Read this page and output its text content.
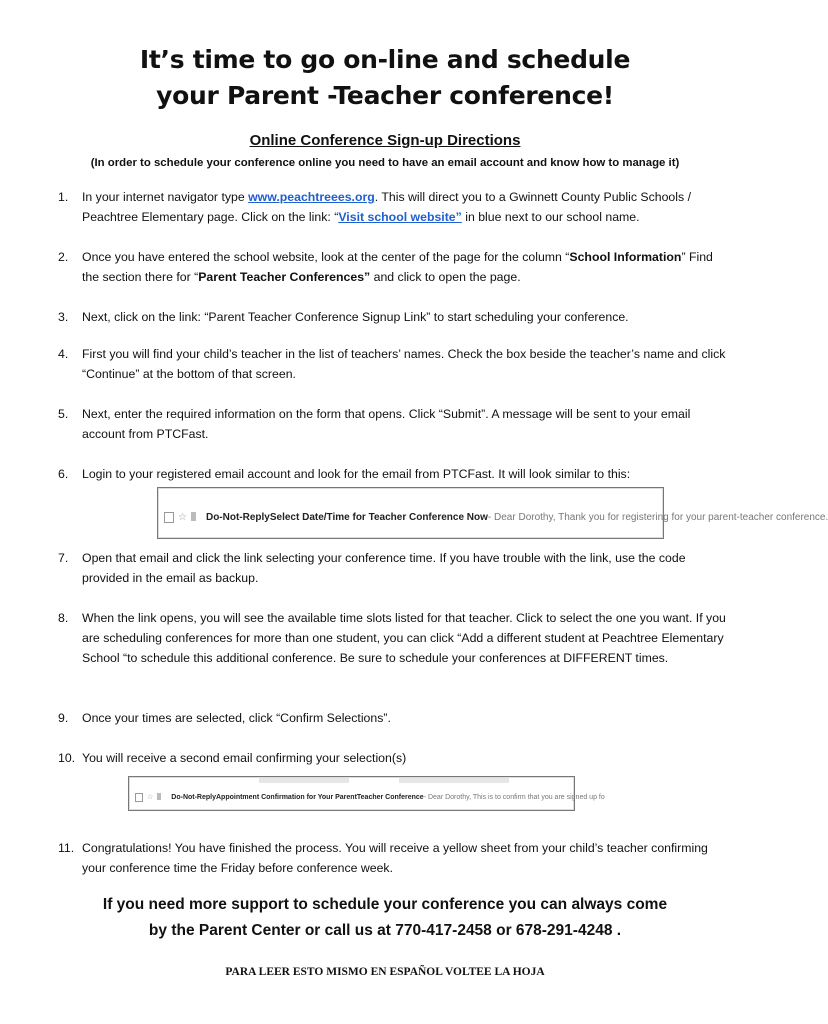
It’s time to go on-line and schedule
your Parent -Teacher conference!
Online Conference Sign-up Directions
(In order to schedule your conference online you need to have an email account and know how to manage it)
1.	In your internet navigator type www.peachtreees.org. This will direct you to a Gwinnett County Public Schools / Peachtree Elementary page. Click on the link: “Visit school website” in blue next to our school name.
2.	Once you have entered the school website, look at the center of the page for the column “School Information” Find the section there for “Parent Teacher Conferences” and click to open the page.
3.	Next, click on the link: “Parent Teacher Conference Signup Link” to start scheduling your conference.
4.	First you will find your child’s teacher in the list of teachers’ names. Check the box beside the teacher’s name and click “Continue” at the bottom of that screen.
5.	Next, enter the required information on the form that opens. Click “Submit”. A message will be sent to your email account from PTCFast.
6.	Login to your registered email account and look for the email from PTCFast. It will look similar to this:
☆ Do-Not-Reply Select Date/Time for Teacher Conference Now - Dear Dorothy, Thank you for registering for your parent-teacher conference.
7.	Open that email and click the link selecting your conference time. If you have trouble with the link, use the code provided in the email as backup.
8.	When the link opens, you will see the available time slots listed for that teacher. Click to select the one you want. If you are scheduling conferences for more than one student, you can click “Add a different student at Peachtree Elementary School “to schedule this additional conference. Be sure to schedule your conferences at DIFFERENT times.
9.	Once your times are selected, click “Confirm Selections”.
10. You will receive a second email confirming your selection(s)
☆	Do-Not-Reply Appointment Confirmation for Your ParentTeacher Conference - Dear Dorothy, This is to confirm that you are signed up fo
11. Congratulations! You have finished the process. You will receive a yellow sheet from your child’s teacher confirming your conference time the Friday before conference week.
If you need more support to schedule your conference you can always come
by the Parent Center or call us at 770-417-2458 or 678-291-4248 .
PARA LEER ESTO MISMO EN ESPAÑOL VOLTEE LA HOJA
